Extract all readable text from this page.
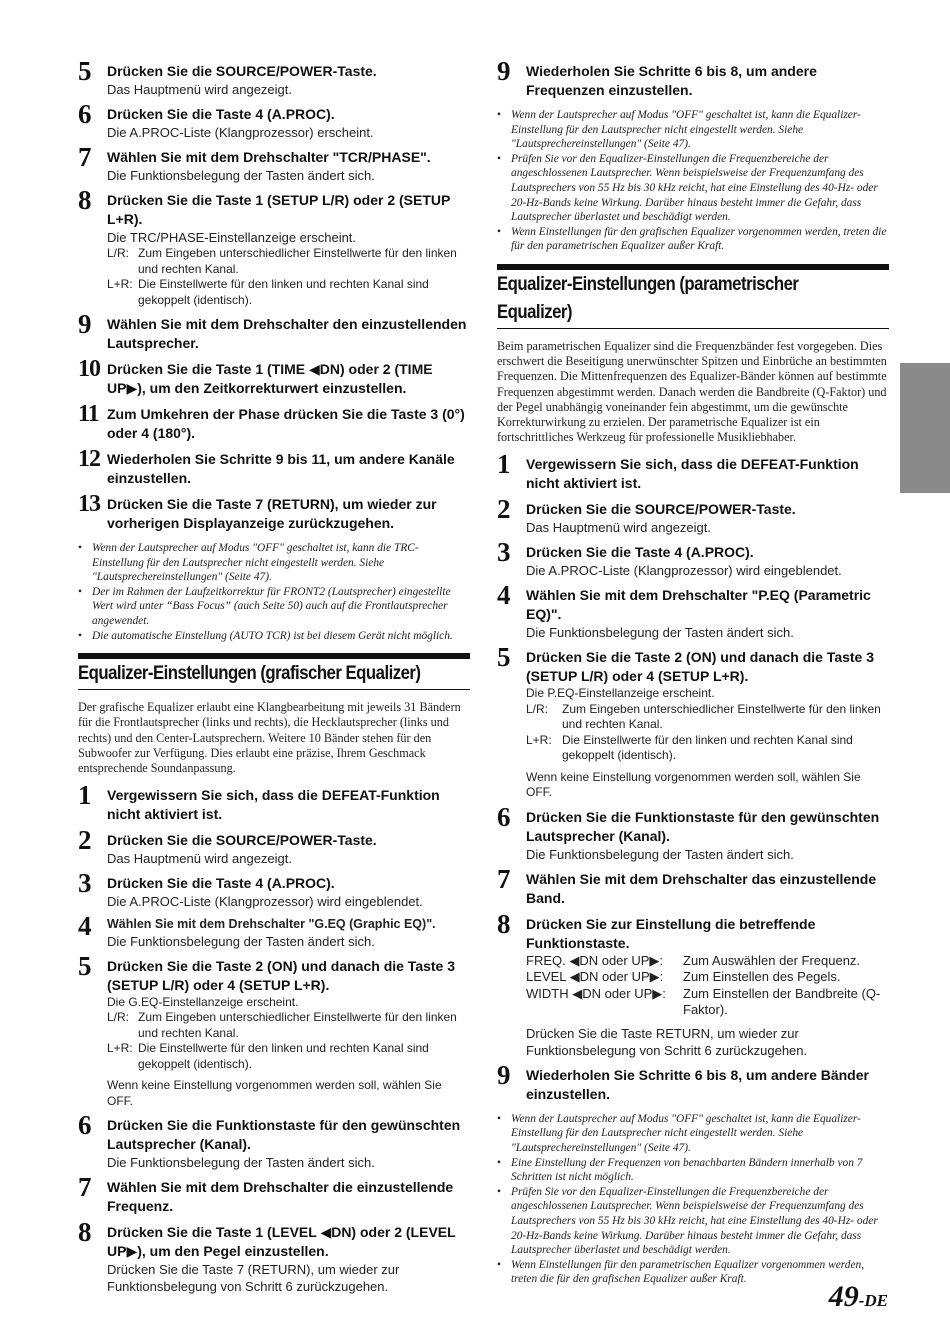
5 Drücken Sie die SOURCE/POWER-Taste.
Das Hauptmenü wird angezeigt.
6 Drücken Sie die Taste 4 (A.PROC).
Die A.PROC-Liste (Klangprozessor) erscheint.
7 Wählen Sie mit dem Drehschalter "TCR/PHASE".
Die Funktionsbelegung der Tasten ändert sich.
8 Drücken Sie die Taste 1 (SETUP L/R) oder 2 (SETUP L+R).
Die TRC/PHASE-Einstellanzeige erscheint.
L/R: Zum Eingeben unterschiedlicher Einstellwerte für den linken und rechten Kanal.
L+R: Die Einstellwerte für den linken und rechten Kanal sind gekoppelt (identisch).
9 Wählen Sie mit dem Drehschalter den einzustellenden Lautsprecher.
10 Drücken Sie die Taste 1 (TIME ◀DN) oder 2 (TIME UP▶), um den Zeitkorrekturwert einzustellen.
11 Zum Umkehren der Phase drücken Sie die Taste 3 (0°) oder 4 (180°).
12 Wiederholen Sie Schritte 9 bis 11, um andere Kanäle einzustellen.
13 Drücken Sie die Taste 7 (RETURN), um wieder zur vorherigen Displayanzeige zurückzugehen.
• Wenn der Lautsprecher auf Modus "OFF" geschaltet ist, kann die TRC-Einstellung für den Lautsprecher nicht eingestellt werden. Siehe "Lautsprechereinstellungen" (Seite 47).
• Der im Rahmen der Laufzeitkorrektur für FRONT2 (Lautsprecher) eingestellte Wert wird unter “Bass Focus” (auch Seite 50) auch auf die Frontlautsprecher angewendet.
• Die automatische Einstellung (AUTO TCR) ist bei diesem Gerät nicht möglich.
Equalizer-Einstellungen (grafischer Equalizer)
Der grafische Equalizer erlaubt eine Klangbearbeitung mit jeweils 31 Bändern für die Frontlautsprecher (links und rechts), die Hecklautsprecher (links und rechts) und den Center-Lautsprechern. Weitere 10 Bänder stehen für den Subwoofer zur Verfügung. Dies erlaubt eine präzise, Ihrem Geschmack entsprechende Soundanpassung.
1 Vergewissern Sie sich, dass die DEFEAT-Funktion nicht aktiviert ist.
2 Drücken Sie die SOURCE/POWER-Taste.
Das Hauptmenü wird angezeigt.
3 Drücken Sie die Taste 4 (A.PROC).
Die A.PROC-Liste (Klangprozessor) wird eingeblendet.
4 Wählen Sie mit dem Drehschalter "G.EQ (Graphic EQ)".
Die Funktionsbelegung der Tasten ändert sich.
5 Drücken Sie die Taste 2 (ON) und danach die Taste 3 (SETUP L/R) oder 4 (SETUP L+R).
Die G.EQ-Einstellanzeige erscheint.
L/R: Zum Eingeben unterschiedlicher Einstellwerte für den linken und rechten Kanal.
L+R: Die Einstellwerte für den linken und rechten Kanal sind gekoppelt (identisch).
Wenn keine Einstellung vorgenommen werden soll, wählen Sie OFF.
6 Drücken Sie die Funktionstaste für den gewünschten Lautsprecher (Kanal).
Die Funktionsbelegung der Tasten ändert sich.
7 Wählen Sie mit dem Drehschalter die einzustellende Frequenz.
8 Drücken Sie die Taste 1 (LEVEL ◀DN) oder 2 (LEVEL UP▶), um den Pegel einzustellen.
Drücken Sie die Taste 7 (RETURN), um wieder zur Funktionsbelegung von Schritt 6 zurückzugehen.
9 Wiederholen Sie Schritte 6 bis 8, um andere Frequenzen einzustellen.
• Wenn der Lautsprecher auf Modus "OFF" geschaltet ist, kann die Equalizer-Einstellung für den Lautsprecher nicht eingestellt werden. Siehe "Lautsprechereinstellungen" (Seite 47).
• Prüfen Sie vor den Equalizer-Einstellungen die Frequenzbereiche der angeschlossenen Lautsprecher. Wenn beispielsweise der Frequenzumfang des Lautsprechers von 55 Hz bis 30 kHz reicht, hat eine Einstellung des 40-Hz- oder 20-Hz-Bands keine Wirkung. Darüber hinaus besteht immer die Gefahr, dass Lautsprecher überlastet und beschädigt werden.
• Wenn Einstellungen für den grafischen Equalizer vorgenommen werden, treten die für den parametrischen Equalizer außer Kraft.
Equalizer-Einstellungen (parametrischer
Equalizer)
Beim parametrischen Equalizer sind die Frequenzbänder fest vorgegeben. Dies erschwert die Beseitigung unerwünschter Spitzen und Einbrüche an bestimmten Frequenzen. Die Mittenfrequenzen des Equalizer-Bänder können auf bestimmte Frequenzen abgestimmt werden. Danach werden die Bandbreite (Q-Faktor) und der Pegel unabhängig voneinander fein abgestimmt, um die gewünschte Korrekturwirkung zu erzielen. Der parametrische Equalizer ist ein fortschrittliches Werkzeug für professionelle Musikliebhaber.
1 Vergewissern Sie sich, dass die DEFEAT-Funktion nicht aktiviert ist.
2 Drücken Sie die SOURCE/POWER-Taste.
Das Hauptmenü wird angezeigt.
3 Drücken Sie die Taste 4 (A.PROC).
Die A.PROC-Liste (Klangprozessor) wird eingeblendet.
4 Wählen Sie mit dem Drehschalter "P.EQ (Parametric EQ)".
Die Funktionsbelegung der Tasten ändert sich.
5 Drücken Sie die Taste 2 (ON) und danach die Taste 3 (SETUP L/R) oder 4 (SETUP L+R).
Die P.EQ-Einstellanzeige erscheint.
L/R:	Zum Eingeben unterschiedlicher Einstellwerte für den linken und rechten Kanal.
L+R: Die Einstellwerte für den linken und rechten Kanal sind gekoppelt (identisch).
Wenn keine Einstellung vorgenommen werden soll, wählen Sie OFF.
6 Drücken Sie die Funktionstaste für den gewünschten Lautsprecher (Kanal).
Die Funktionsbelegung der Tasten ändert sich.
7 Wählen Sie mit dem Drehschalter das einzustellende Band.
8 Drücken Sie zur Einstellung die betreffende Funktionstaste.
FREQ. ◀DN oder UP▶:	Zum Auswählen der Frequenz.
LEVEL ◀DN oder UP▶:	Zum Einstellen des Pegels.
WIDTH ◀DN oder UP▶:	Zum Einstellen der Bandbreite (Q-Faktor).
Drücken Sie die Taste RETURN, um wieder zur Funktionsbelegung von Schritt 6 zurückzugehen.
9 Wiederholen Sie Schritte 6 bis 8, um andere Bänder einzustellen.
• Wenn der Lautsprecher auf Modus "OFF" geschaltet ist, kann die Equalizer-Einstellung für den Lautsprecher nicht eingestellt werden. Siehe "Lautsprechereinstellungen" (Seite 47).
• Eine Einstellung der Frequenzen von benachbarten Bändern innerhalb von 7 Schritten ist nicht möglich.
• Prüfen Sie vor den Equalizer-Einstellungen die Frequenzbereiche der angeschlossenen Lautsprecher. Wenn beispielsweise der Frequenzumfang des Lautsprechers von 55 Hz bis 30 kHz reicht, hat eine Einstellung des 40-Hz- oder 20-Hz-Bands keine Wirkung. Darüber hinaus besteht immer die Gefahr, dass Lautsprecher überlastet und beschädigt werden.
• Wenn Einstellungen für den parametrischen Equalizer vorgenommen werden, treten die für den grafischen Equalizer außer Kraft.
49-DE
